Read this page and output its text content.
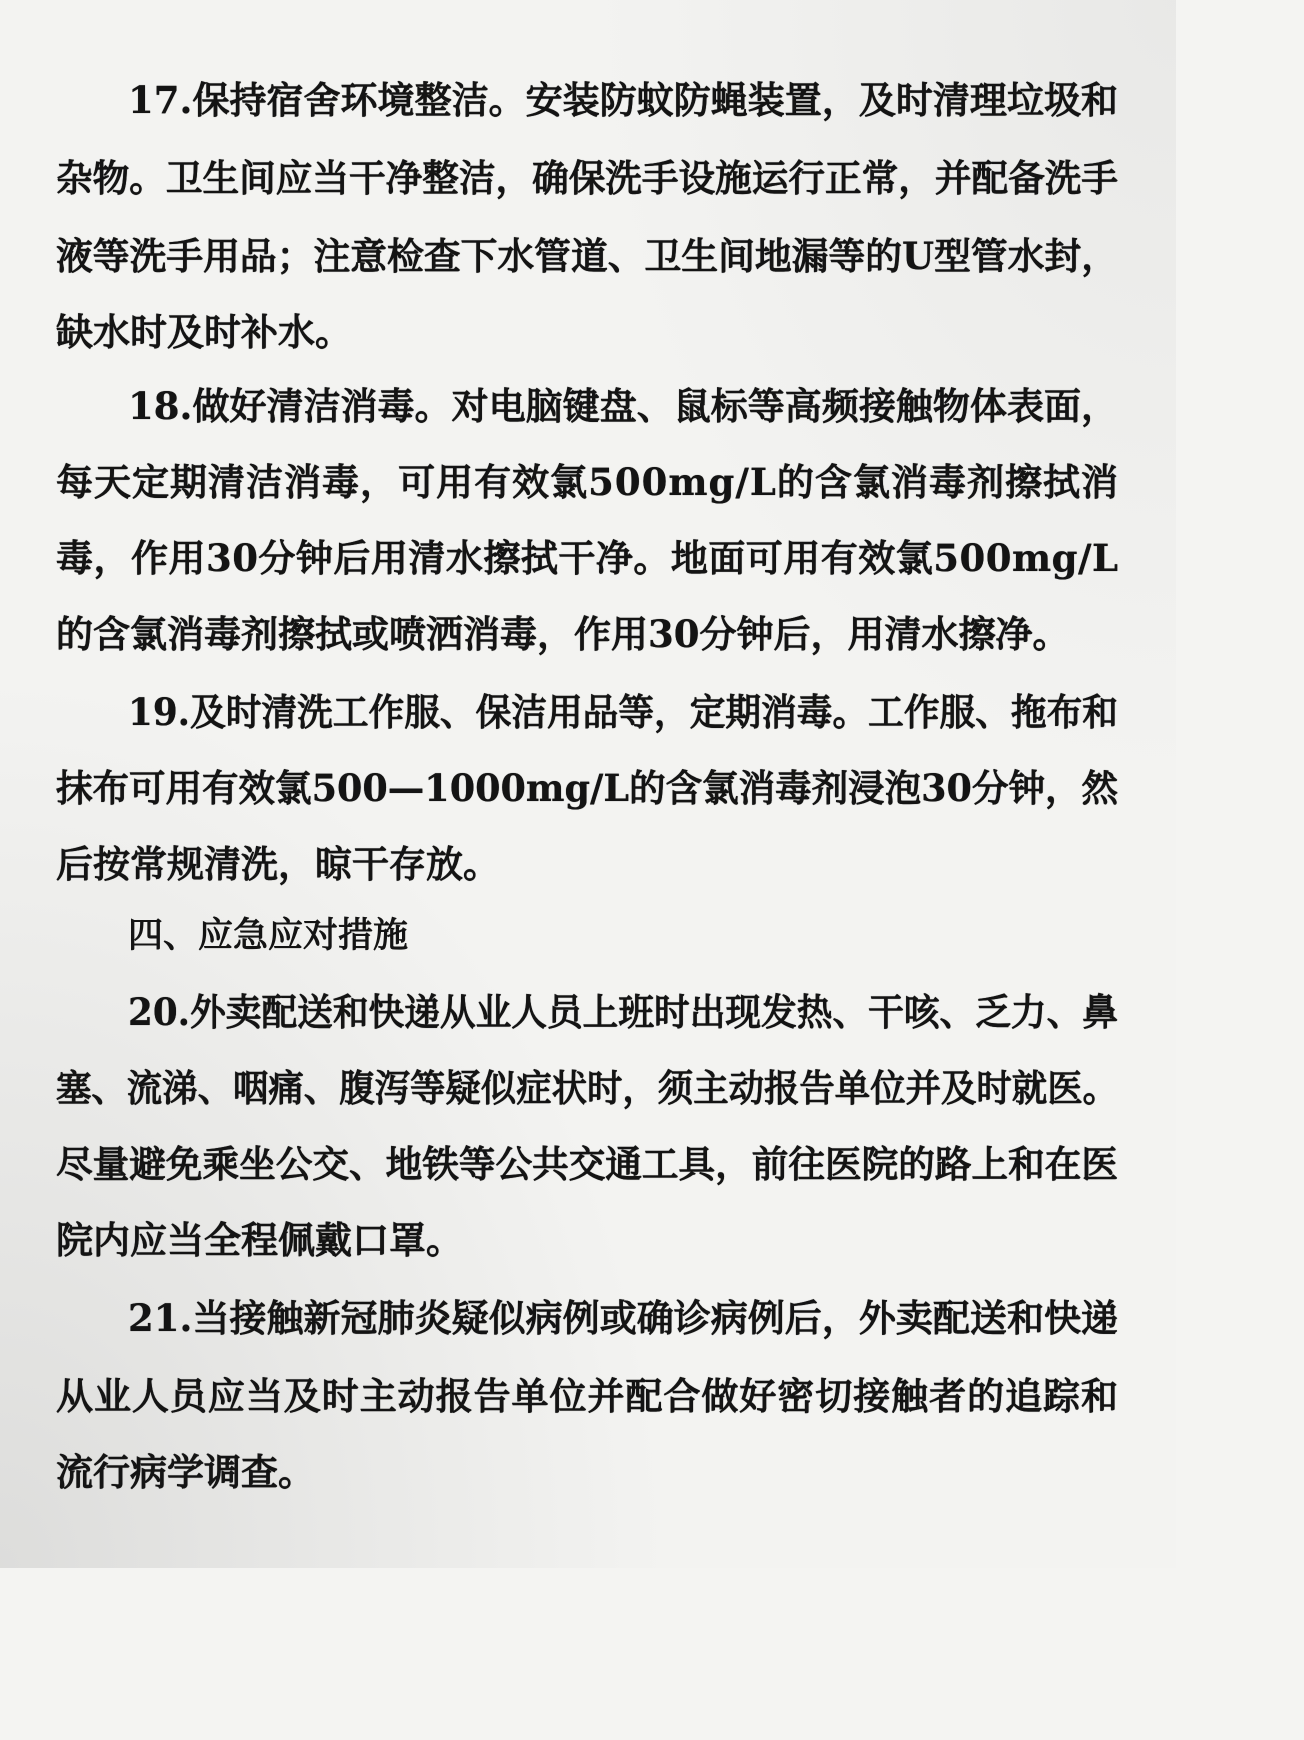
17.保持宿舍环境整洁。安装防蚊防蝇装置，及时清理垃圾和
杂物。卫生间应当干净整洁，确保洗手设施运行正常，并配备洗手
液等洗手用品；注意检查下水管道、卫生间地漏等的U型管水封，
缺水时及时补水。
18.做好清洁消毒。对电脑键盘、鼠标等高频接触物体表面，
每天定期清洁消毒，可用有效氯500mg/L的含氯消毒剂擦拭消
毒，作用30分钟后用清水擦拭干净。地面可用有效氯500mg/L
的含氯消毒剂擦拭或喷洒消毒，作用30分钟后，用清水擦净。
19.及时清洗工作服、保洁用品等，定期消毒。工作服、拖布和
抹布可用有效氯500—1000mg/L的含氯消毒剂浸泡30分钟，然
后按常规清洗，晾干存放。
四、应急应对措施
20.外卖配送和快递从业人员上班时出现发热、干咳、乏力、鼻
塞、流涕、咽痛、腹泻等疑似症状时，须主动报告单位并及时就医。
尽量避免乘坐公交、地铁等公共交通工具，前往医院的路上和在医
院内应当全程佩戴口罩。
21.当接触新冠肺炎疑似病例或确诊病例后，外卖配送和快递
从业人员应当及时主动报告单位并配合做好密切接触者的追踪和
流行病学调查。
